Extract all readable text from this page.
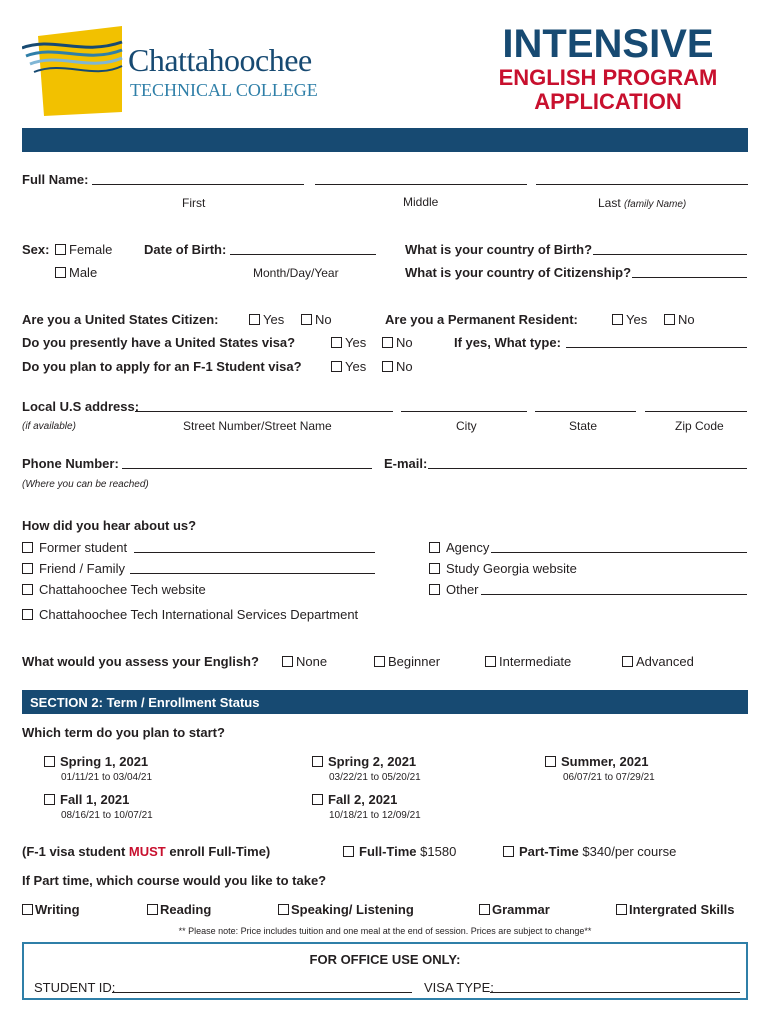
Chattahoochee
TECHNICAL COLLEGE
INTENSIVE
ENGLISH PROGRAM
APPLICATION
Full Name:
First	Middle	Last (family Name)
Sex:	Female
Male
Date of Birth:
Month/Day/Year
What is your country of Birth?
What is your country of Citizenship?
Are you a United States Citizen:	Yes	No	Are you a Permanent Resident:	Yes	No
Do you presently have a United States visa?	Yes	No	If yes, What type:
Do you plan to apply for an F-1 Student visa?	Yes	No
Local U.S address:
(if available)	Street Number/Street Name	City	State	Zip Code
Phone Number:
(Where you can be reached)
E-mail:
How did you hear about us?
Former student
Friend / Family
Chattahoochee Tech website
Chattahoochee Tech International Services Department
Agency
Study Georgia website
Other
What would you assess your English?	None	Beginner	Intermediate	Advanced
SECTION 2: Term / Enrollment Status
Which term do you plan to start?
Spring 1, 2021
01/11/21 to 03/04/21
Spring 2, 2021
03/22/21 to 05/20/21
Summer, 2021
06/07/21 to 07/29/21
Fall 1, 2021
08/16/21 to 10/07/21
Fall 2, 2021
10/18/21 to 12/09/21
(F-1 visa student MUST enroll Full-Time)	Full-Time $1580	Part-Time $340/per course
If Part time, which course would you like to take?
Writing	Reading	Speaking/ Listening	Grammar	Intergrated Skills
** Please note: Price includes tuition and one meal at the end of session. Prices are subject to change**
FOR OFFICE USE ONLY:
STUDENT ID:	VISA TYPE:
